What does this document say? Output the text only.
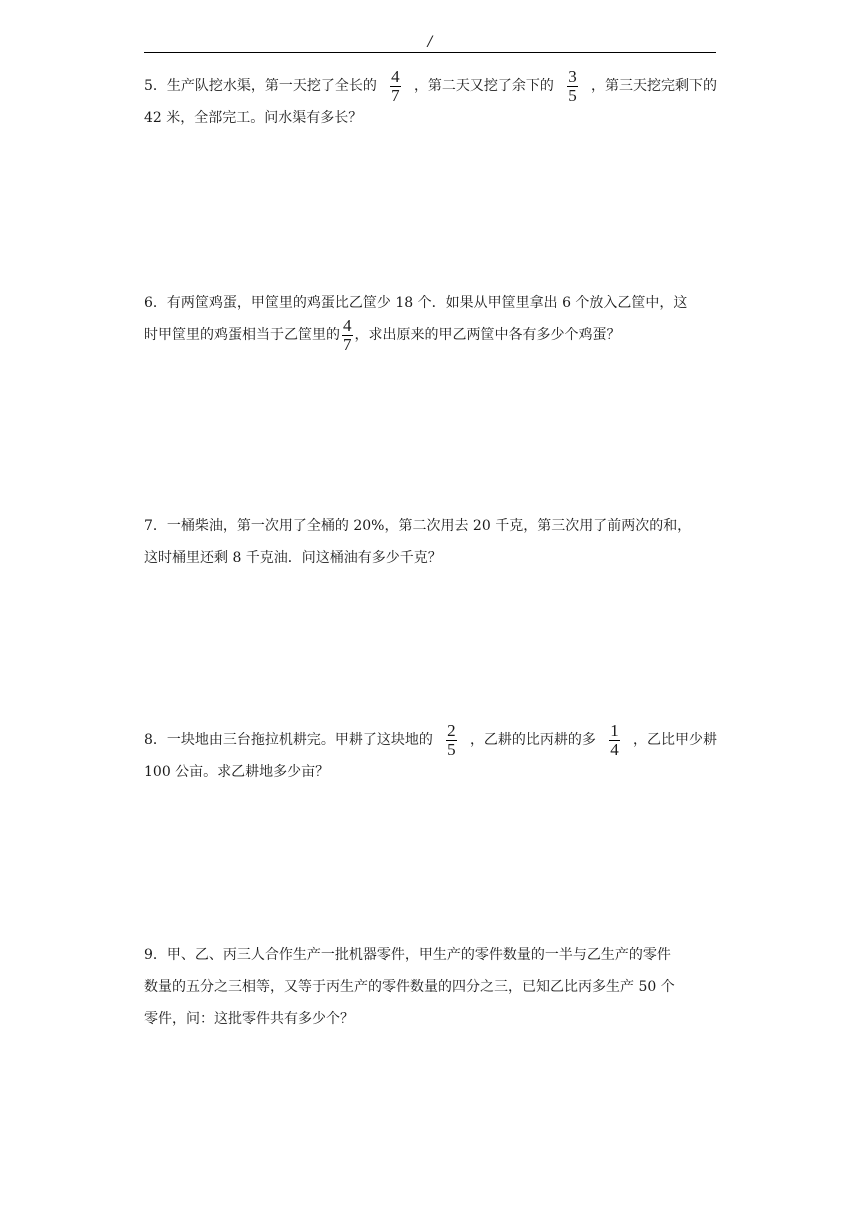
/
5．生产队挖水渠，第一天挖了全长的 $\frac{4}{7}$ ，第二天又挖了余下的 $\frac{3}{5}$ ，第三天挖完剩下的
42 米，全部完工。问水渠有多长？
6．有两筐鸡蛋，甲筐里的鸡蛋比乙筐少 18 个．如果从甲筐里拿出 6 个放入乙筐中，这
时甲筐里的鸡蛋相当于乙筐里的 $\frac{4}{7}$ ，求出原来的甲乙两筐中各有多少个鸡蛋？
7．一桶柴油，第一次用了全桶的 20%，第二次用去 20 千克，第三次用了前两次的和，
这时桶里还剩 8 千克油．问这桶油有多少千克？
8．一块地由三台拖拉机耕完。甲耕了这块地的 $\frac{2}{5}$ ，乙耕的比丙耕的多 $\frac{1}{4}$ ，乙比甲少耕
100 公亩。求乙耕地多少亩？
9．甲、乙、丙三人合作生产一批机器零件，甲生产的零件数量的一半与乙生产的零件
数量的五分之三相等，又等于丙生产的零件数量的四分之三，已知乙比丙多生产 50 个
零件，问：这批零件共有多少个？
